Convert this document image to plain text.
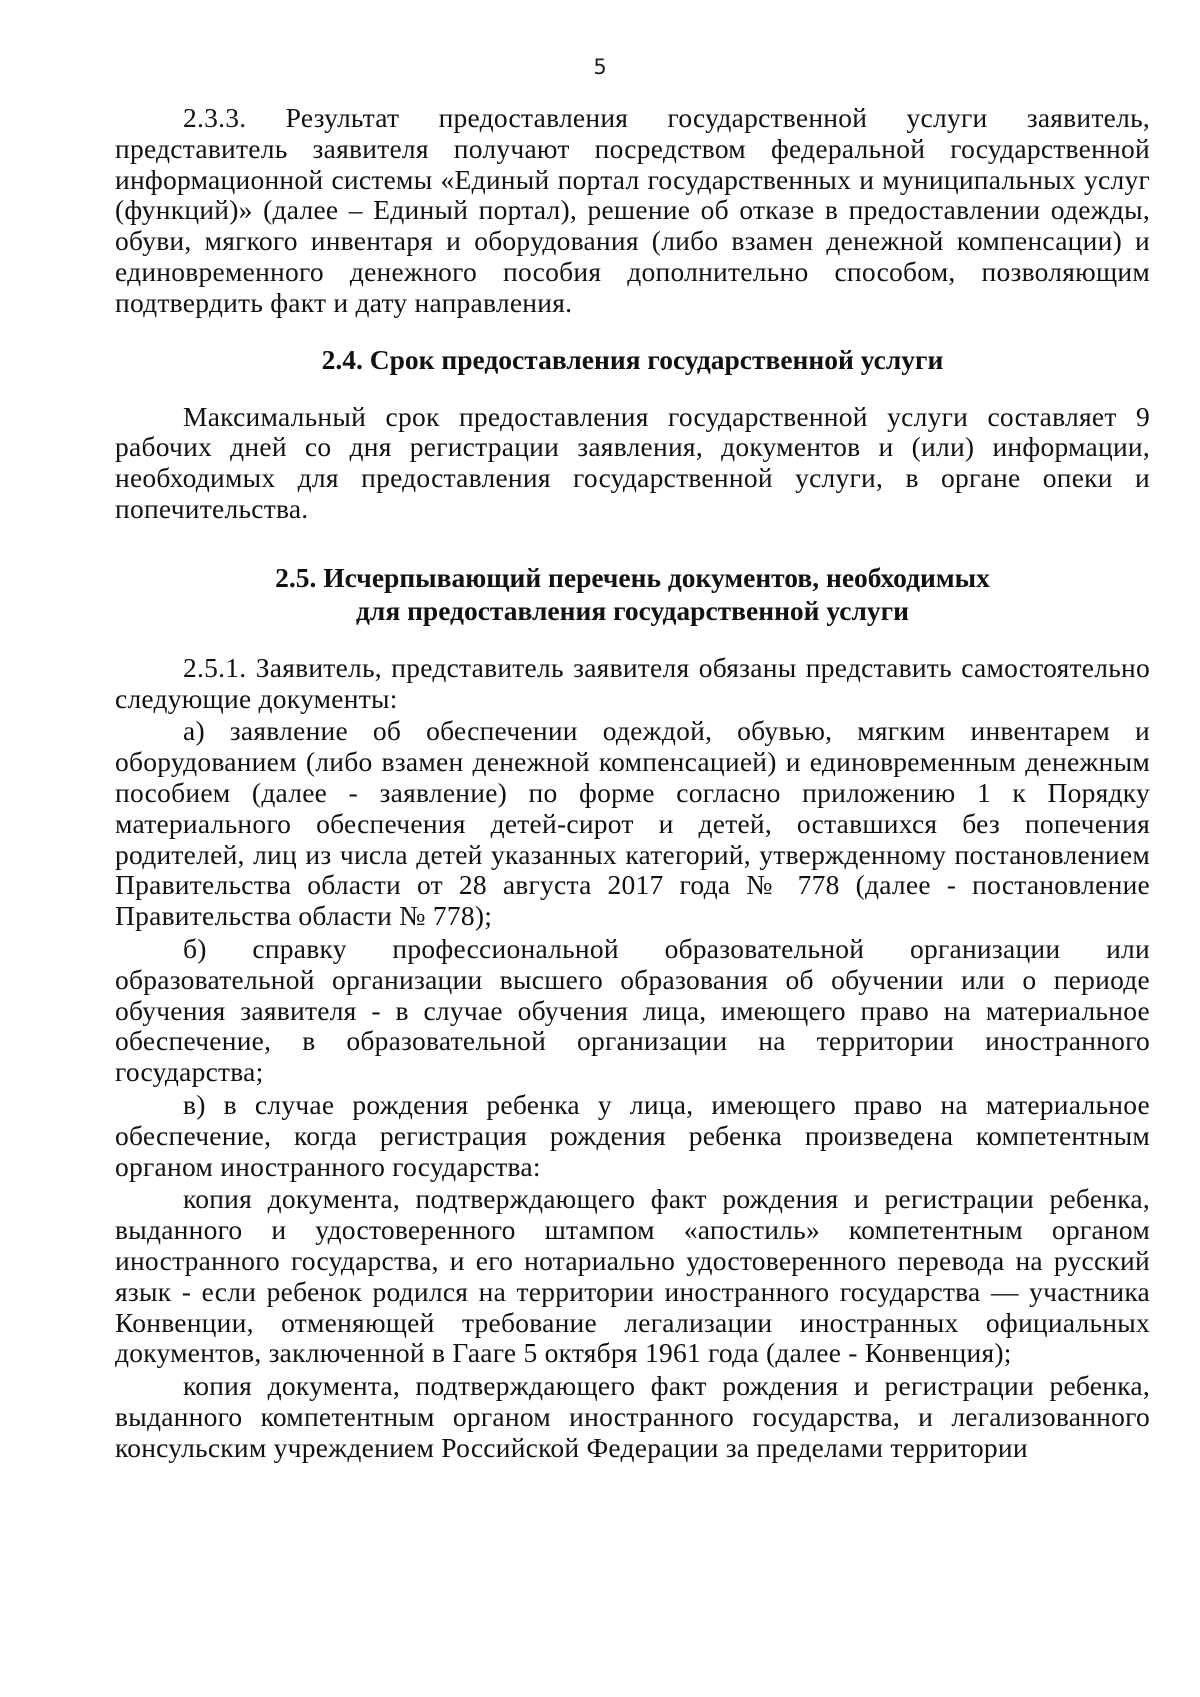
5

2.3.3. Результат предоставления государственной услуги заявитель, представитель заявителя получают посредством федеральной государственной информационной системы «Единый портал государственных и муниципальных услуг (функций)» (далее – Единый портал), решение об отказе в предоставлении одежды, обуви, мягкого инвентаря и оборудования (либо взамен денежной компенсации) и единовременного денежного пособия дополнительно способом, позволяющим подтвердить факт и дату направления.

2.4. Срок предоставления государственной услуги

Максимальный срок предоставления государственной услуги составляет 9 рабочих дней со дня регистрации заявления, документов и (или) информации, необходимых для предоставления государственной услуги, в органе опеки и попечительства.

2.5. Исчерпывающий перечень документов, необходимых
для предоставления государственной услуги

2.5.1. Заявитель, представитель заявителя обязаны представить самостоятельно следующие документы:

а) заявление об обеспечении одеждой, обувью, мягким инвентарем и оборудованием (либо взамен денежной компенсацией) и единовременным денежным пособием (далее - заявление) по форме согласно приложению 1 к Порядку материального обеспечения детей-сирот и детей, оставшихся без попечения родителей, лиц из числа детей указанных категорий, утвержденному постановлением Правительства области от 28 августа 2017 года № 778 (далее - постановление Правительства области № 778);

б) справку профессиональной образовательной организации или образовательной организации высшего образования об обучении или о периоде обучения заявителя - в случае обучения лица, имеющего право на материальное обеспечение, в образовательной организации на территории иностранного государства;

в) в случае рождения ребенка у лица, имеющего право на материальное обеспечение, когда регистрация рождения ребенка произведена компетентным органом иностранного государства:

копия документа, подтверждающего факт рождения и регистрации ребенка, выданного и удостоверенного штампом «апостиль» компетентным органом иностранного государства, и его нотариально удостоверенного перевода на русский язык - если ребенок родился на территории иностранного государства — участника Конвенции, отменяющей требование легализации иностранных официальных документов, заключенной в Гааге 5 октября 1961 года (далее - Конвенция);

копия документа, подтверждающего факт рождения и регистрации ребенка, выданного компетентным органом иностранного государства, и легализованного консульским учреждением Российской Федерации за пределами территории
